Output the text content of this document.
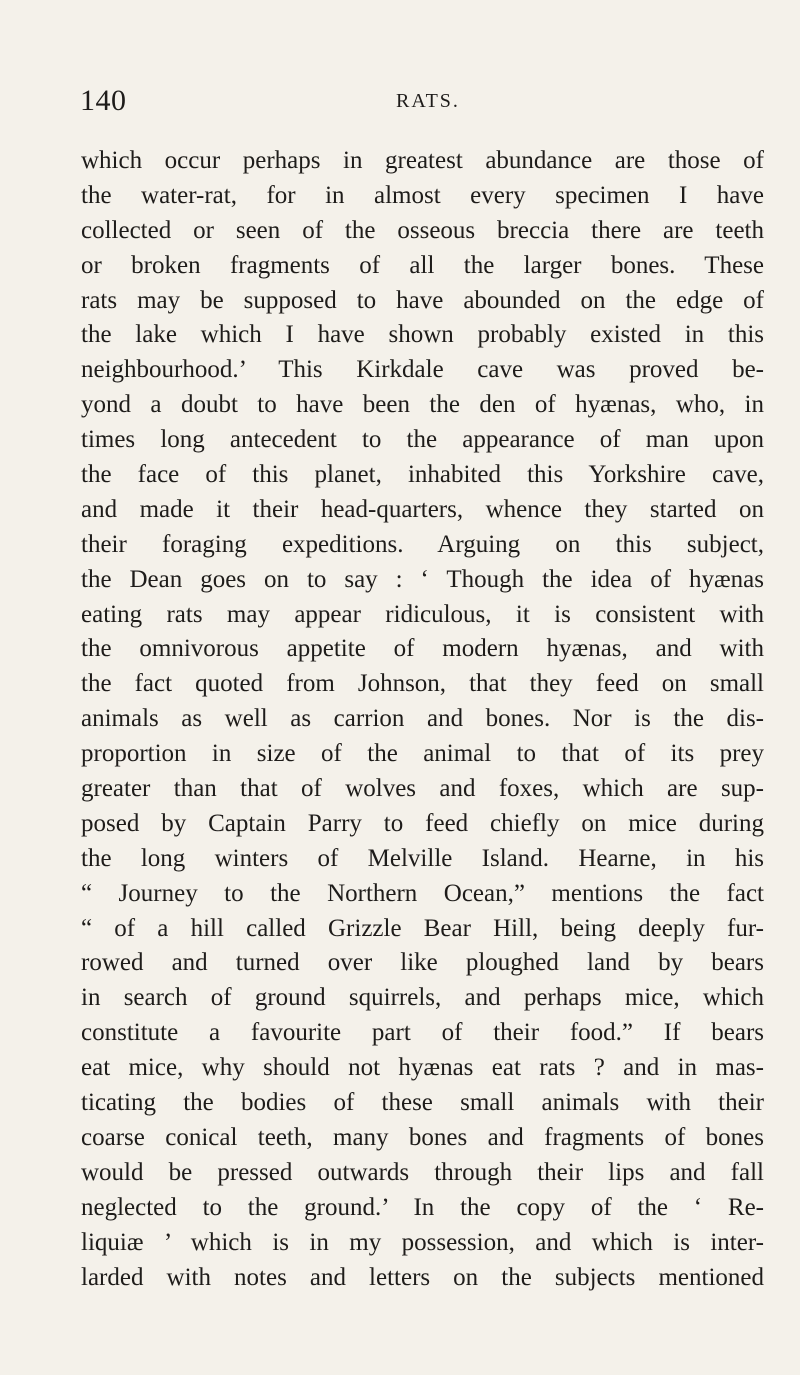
140	RATS.
which occur perhaps in greatest abundance are those of
the water-rat, for in almost every specimen I have
collected or seen of the osseous breccia there are teeth
or broken fragments of all the larger bones. These
rats may be supposed to have abounded on the edge of
the lake which I have shown probably existed in this
neighbourhood.’ This Kirkdale cave was proved be-
yond a doubt to have been the den of hyænas, who, in
times long antecedent to the appearance of man upon
the face of this planet, inhabited this Yorkshire cave,
and made it their head-quarters, whence they started on
their foraging expeditions. Arguing on this subject,
the Dean goes on to say : ‘ Though the idea of hyænas
eating rats may appear ridiculous, it is consistent with
the omnivorous appetite of modern hyænas, and with
the fact quoted from Johnson, that they feed on small
animals as well as carrion and bones. Nor is the dis-
proportion in size of the animal to that of its prey
greater than that of wolves and foxes, which are sup-
posed by Captain Parry to feed chiefly on mice during
the long winters of Melville Island. Hearne, in his
“ Journey to the Northern Ocean,” mentions the fact
“ of a hill called Grizzle Bear Hill, being deeply fur-
rowed and turned over like ploughed land by bears
in search of ground squirrels, and perhaps mice, which
constitute a favourite part of their food.” If bears
eat mice, why should not hyænas eat rats ? and in mas-
ticating the bodies of these small animals with their
coarse conical teeth, many bones and fragments of bones
would be pressed outwards through their lips and fall
neglected to the ground.’ In the copy of the ‘ Re-
liquiæ ’ which is in my possession, and which is inter-
larded with notes and letters on the subjects mentioned
